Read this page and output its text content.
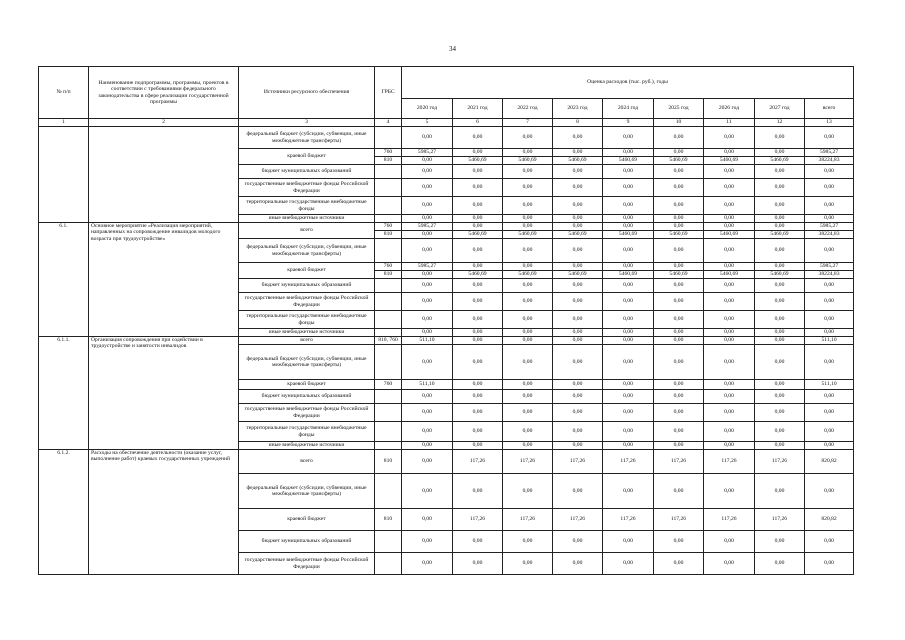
34
№ п/п	Наименование подпрограммы, программы, проектов в соответствии с требованиями федерального законодательства в сфере реализации государственной программы	Источники ресурсного обеспечения	ГРБС	Оценка расходов (тыс. руб.), годы								
				2020 год	2021 год	2022 год	2023 год	2024 год	2025 год	2026 год	2027 год	всего
1	2	3	4	5	6	7	8	9	10	11	12	13
		федеральный бюджет (субсидии, субвенции, иные межбюджетные трансферты)		0,00	0,00	0,00	0,00	0,00	0,00	0,00	0,00	0,00
		краевой бюджет	760	5985,27	0,00	0,00	0,00	0,00	0,00	0,00	0,00	5985,27
			810	0,00	5460,69	5460,69	5460,69	5460,69	5460,69	5460,69	5460,69	38224,83
		бюджет муниципальных образований		0,00	0,00	0,00	0,00	0,00	0,00	0,00	0,00	0,00
		государственные внебюджетные фонды Российской Федерации		0,00	0,00	0,00	0,00	0,00	0,00	0,00	0,00	0,00
		территориальные государственные внебюджетные фонды		0,00	0,00	0,00	0,00	0,00	0,00	0,00	0,00	0,00
		иные внебюджетные источники		0,00	0,00	0,00	0,00	0,00	0,00	0,00	0,00	0,00
6.1.	Основное мероприятие «Реализация мероприятий, направленных на сопровождение инвалидов молодого возраста при трудоустройстве»	всего	760	5985,27	0,00	0,00	0,00	0,00	0,00	0,00	0,00	5985,27
			810	0,00	5460,69	5460,69	5460,69	5460,69	5460,69	5460,69	5460,69	38224,83
		федеральный бюджет (субсидии, субвенции, иные межбюджетные трансферты)		0,00	0,00	0,00	0,00	0,00	0,00	0,00	0,00	0,00
		краевой бюджет	760	5985,27	0,00	0,00	0,00	0,00	0,00	0,00	0,00	5985,27
			810	0,00	5460,69	5460,69	5460,69	5460,69	5460,69	5460,69	5460,69	38224,83
		бюджет муниципальных образований		0,00	0,00	0,00	0,00	0,00	0,00	0,00	0,00	0,00
		государственные внебюджетные фонды Российской Федерации		0,00	0,00	0,00	0,00	0,00	0,00	0,00	0,00	0,00
		территориальные государственные внебюджетные фонды		0,00	0,00	0,00	0,00	0,00	0,00	0,00	0,00	0,00
		иные внебюджетные источники		0,00	0,00	0,00	0,00	0,00	0,00	0,00	0,00	0,00
6.1.1.	Организация сопровождения при содействии в трудоустройстве и занятости инвалидов	всего	810, 760	511,10	0,00	0,00	0,00	0,00	0,00	0,00	0,00	511,10
		федеральный бюджет (субсидии, субвенции, иные межбюджетные трансферты)		0,00	0,00	0,00	0,00	0,00	0,00	0,00	0,00	0,00
		краевой бюджет	760	511,10	0,00	0,00	0,00	0,00	0,00	0,00	0,00	511,10
		бюджет муниципальных образований		0,00	0,00	0,00	0,00	0,00	0,00	0,00	0,00	0,00
		государственные внебюджетные фонды Российской Федерации		0,00	0,00	0,00	0,00	0,00	0,00	0,00	0,00	0,00
		территориальные государственные внебюджетные фонды		0,00	0,00	0,00	0,00	0,00	0,00	0,00	0,00	0,00
		иные внебюджетные источники		0,00	0,00	0,00	0,00	0,00	0,00	0,00	0,00	0,00
6.1.2.	Расходы на обеспечение деятельности (оказание услуг, выполнение работ) краевых государственных учреждений	всего	810	0,00	117,26	117,26	117,26	117,26	117,26	117,26	117,26	820,82
		федеральный бюджет (субсидии, субвенции, иные межбюджетные трансферты)		0,00	0,00	0,00	0,00	0,00	0,00	0,00	0,00	0,00
		краевой бюджет	810	0,00	117,26	117,26	117,26	117,26	117,26	117,26	117,26	820,82
		бюджет муниципальных образований		0,00	0,00	0,00	0,00	0,00	0,00	0,00	0,00	0,00
		государственные внебюджетные фонды Российской Федерации		0,00	0,00	0,00	0,00	0,00	0,00	0,00	0,00	0,00
